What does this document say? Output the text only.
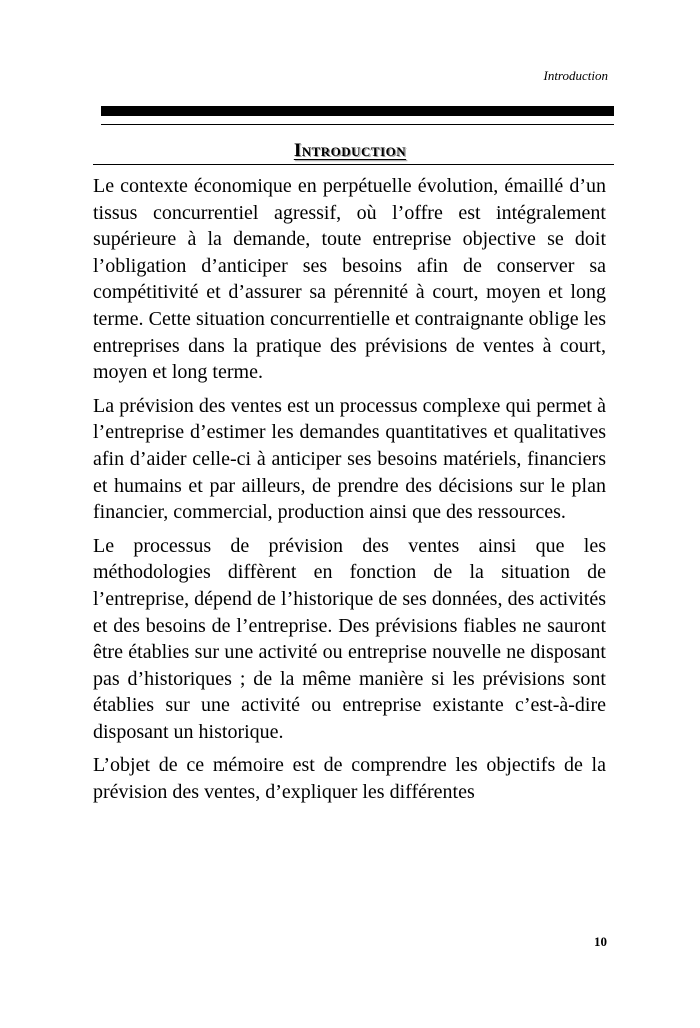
Introduction
Introduction

Le contexte économique en perpétuelle évolution, émaillé d’un tissus concurrentiel agressif, où l’offre est intégralement supérieure à la demande, toute entreprise objective se doit l’obligation d’anticiper ses besoins afin de conserver sa compétitivité et d’assurer sa pérennité à court, moyen et long terme. Cette situation concurrentielle et contraignante oblige les entreprises dans la pratique des prévisions de ventes à court, moyen et long terme.

La prévision des ventes est un processus complexe qui permet à l’entreprise d’estimer les demandes quantitatives et qualitatives afin d’aider celle-ci à anticiper ses besoins matériels, financiers et humains et par ailleurs, de prendre des décisions sur le plan financier, commercial, production ainsi que des ressources.

Le processus de prévision des ventes ainsi que les méthodologies diffèrent en fonction de la situation de l’entreprise, dépend de l’historique de ses données, des activités et des besoins de l’entreprise. Des prévisions fiables ne sauront être établies sur une activité ou entreprise nouvelle ne disposant pas d’historiques ; de la même manière si les prévisions sont établies sur une activité ou entreprise existante c’est-à-dire disposant un historique.

L’objet de ce mémoire est de comprendre les objectifs de la prévision des ventes, d’expliquer les différentes

10
